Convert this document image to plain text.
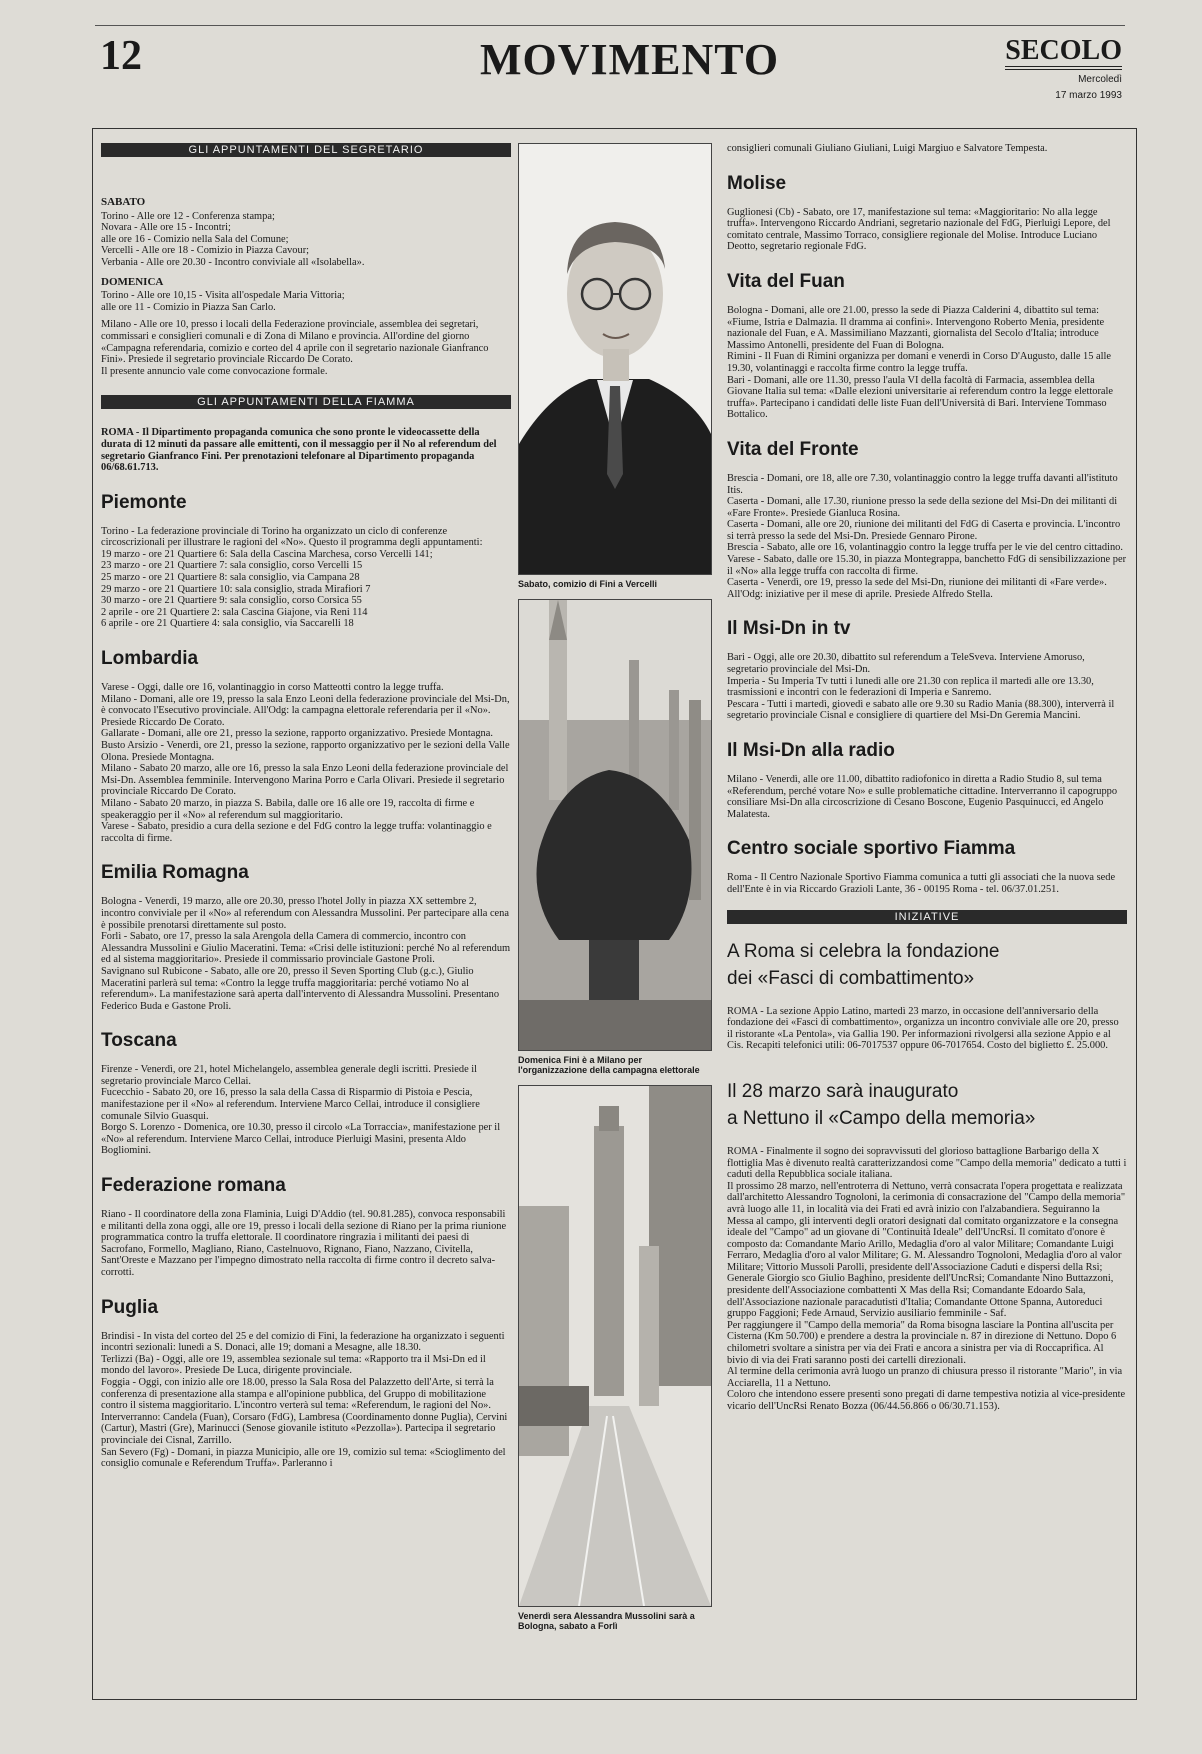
12	MOVIMENTO	SECOLO
Mercoledì
17 marzo 1993
GLI APPUNTAMENTI DEL SEGRETARIO
SABATO

Torino - Alle ore 12 - Conferenza stampa;

Novara - Alle ore 15 - Incontri;

alle ore 16 - Comizio nella Sala del Comune;

Vercelli - Alle ore 18 - Comizio in Piazza Cavour;

Verbania - Alle ore 20.30 - Incontro conviviale all «Isolabella».

DOMENICA

Torino - Alle ore 10,15 - Visita all'ospedale Maria Vittoria;

alle ore 11 - Comizio in Piazza San Carlo.

Milano - Alle ore 10, presso i locali della Federazione provinciale, assemblea dei segretari, commissari e consiglieri comunali e di Zona di Milano e provincia. All'ordine del giorno «Campagna referendaria, comizio e corteo del 4 aprile con il segretario nazionale Gianfranco Fini». Presiede il segretario provinciale Riccardo De Corato.

Il presente annuncio vale come convocazione formale.

GLI APPUNTAMENTI DELLA FIAMMA

ROMA - Il Dipartimento propaganda comunica che sono pronte le videocassette della durata di 12 minuti da passare alle emittenti, con il messaggio per il No al referendum del segretario Gianfranco Fini. Per prenotazioni telefonare al Dipartimento propaganda 06/68.61.713.

Piemonte

Torino - La federazione provinciale di Torino ha organizzato un ciclo di conferenze circoscrizionali per illustrare le ragioni del «No». Questo il programma degli appuntamenti:

19 marzo - ore 21 Quartiere 6: Sala della Cascina Marchesa, corso Vercelli 141;

23 marzo - ore 21 Quartiere 7: sala consiglio, corso Vercelli 15

25 marzo - ore 21 Quartiere 8: sala consiglio, via Campana 28

29 marzo - ore 21 Quartiere 10: sala consiglio, strada Mirafiori 7

30 marzo - ore 21 Quartiere 9: sala consiglio, corso Corsica 55

2 aprile - ore 21 Quartiere 2: sala Cascina Giajone, via Reni 114

6 aprile - ore 21 Quartiere 4: sala consiglio, via Saccarelli 18

Lombardia

Varese - Oggi, dalle ore 16, volantinaggio in corso Matteotti contro la legge truffa.

Milano - Domani, alle ore 19, presso la sala Enzo Leoni della federazione provinciale del Msi-Dn, è convocato l'Esecutivo provinciale. All'Odg: la campagna elettorale referendaria per il «No». Presiede Riccardo De Corato.

Gallarate - Domani, alle ore 21, presso la sezione, rapporto organizzativo. Presiede Montagna.

Busto Arsizio - Venerdì, ore 21, presso la sezione, rapporto organizzativo per le sezioni della Valle Olona. Presiede Montagna.

Milano - Sabato 20 marzo, alle ore 16, presso la sala Enzo Leoni della federazione provinciale del Msi-Dn. Assemblea femminile. Intervengono Marina Porro e Carla Olivari. Presiede il segretario provinciale Riccardo De Corato.

Milano - Sabato 20 marzo, in piazza S. Babila, dalle ore 16 alle ore 19, raccolta di firme e speakeraggio per il «No» al referendum sul maggioritario.

Varese - Sabato, presidio a cura della sezione e del FdG contro la legge truffa: volantinaggio e raccolta di firme.

Emilia Romagna

Bologna - Venerdì, 19 marzo, alle ore 20.30, presso l'hotel Jolly in piazza XX settembre 2, incontro conviviale per il «No» al referendum con Alessandra Mussolini. Per partecipare alla cena è possibile prenotarsi direttamente sul posto.

Forlì - Sabato, ore 17, presso la sala Arengola della Camera di commercio, incontro con Alessandra Mussolini e Giulio Maceratini. Tema: «Crisi delle istituzioni: perché No al referendum ed al sistema maggioritario». Presiede il commissario provinciale Gastone Proli.

Savignano sul Rubicone - Sabato, alle ore 20, presso il Seven Sporting Club (g.c.), Giulio Maceratini parlerà sul tema: «Contro la legge truffa maggioritaria: perché votiamo No al referendum». La manifestazione sarà aperta dall'intervento di Alessandra Mussolini. Presentano Federico Buda e Gastone Proli.

Toscana

Firenze - Venerdì, ore 21, hotel Michelangelo, assemblea generale degli iscritti. Presiede il segretario provinciale Marco Cellai.

Fucecchio - Sabato 20, ore 16, presso la sala della Cassa di Risparmio di Pistoia e Pescia, manifestazione per il «No» al referendum. Interviene Marco Cellai, introduce il consigliere comunale Silvio Guasqui.

Borgo S. Lorenzo - Domenica, ore 10.30, presso il circolo «La Torraccia», manifestazione per il «No» al referendum. Interviene Marco Cellai, introduce Pierluigi Masini, presenta Aldo Bogliomini.

Federazione romana

Riano - Il coordinatore della zona Flaminia, Luigi D'Addio (tel. 90.81.285), convoca responsabili e militanti della zona oggi, alle ore 19, presso i locali della sezione di Riano per la prima riunione programmatica contro la truffa elettorale. Il coordinatore ringrazia i militanti dei paesi di Sacrofano, Formello, Magliano, Riano, Castelnuovo, Rignano, Fiano, Nazzano, Civitella, Sant'Oreste e Mazzano per l'impegno dimostrato nella raccolta di firme contro il decreto salva-corrotti.

Puglia

Brindisi - In vista del corteo del 25 e del comizio di Fini, la federazione ha organizzato i seguenti incontri sezionali: lunedì a S. Donaci, alle 19; domani a Mesagne, alle 18.30.

Terlizzi (Ba) - Oggi, alle ore 19, assemblea sezionale sul tema: «Rapporto tra il Msi-Dn ed il mondo del lavoro». Presiede De Luca, dirigente provinciale.

Foggia - Oggi, con inizio alle ore 18.00, presso la Sala Rosa del Palazzetto dell'Arte, si terrà la conferenza di presentazione alla stampa e all'opinione pubblica, del Gruppo di mobilitazione contro il sistema maggioritario. L'incontro verterà sul tema: «Referendum, le ragioni del No». Interverranno: Candela (Fuan), Corsaro (FdG), Lambresa (Coordinamento donne Puglia), Cervini (Cartur), Mastri (Gre), Marinucci (Senose giovanile istituto «Pezzolla»). Partecipa il segretario provinciale dei Cisnal, Zarrillo.

San Severo (Fg) - Domani, in piazza Municipio, alle ore 19, comizio sul tema: «Scioglimento del consiglio comunale e Referendum Truffa». Parleranno i

Sabato, comizio di Fini a Vercelli
Domenica Fini è a Milano per l'organizzazione della campagna elettorale
Venerdì sera Alessandra Mussolini sarà a Bologna, sabato a Forlì

consiglieri comunali Giuliano Giuliani, Luigi Margiuo e Salvatore Tempesta.

Molise

Guglionesi (Cb) - Sabato, ore 17, manifestazione sul tema: «Maggioritario: No alla legge truffa». Intervengono Riccardo Andriani, segretario nazionale del FdG, Pierluigi Lepore, del comitato centrale, Massimo Torraco, consigliere regionale del Molise. Introduce Luciano Deotto, segretario regionale FdG.

Vita del Fuan

Bologna - Domani, alle ore 21.00, presso la sede di Piazza Calderini 4, dibattito sul tema: «Fiume, Istria e Dalmazia. Il dramma ai confini». Intervengono Roberto Menia, presidente nazionale del Fuan, e A. Massimiliano Mazzanti, giornalista del Secolo d'Italia; introduce Massimo Antonelli, presidente del Fuan di Bologna.

Rimini - Il Fuan di Rimini organizza per domani e venerdì in Corso D'Augusto, dalle 15 alle 19.30, volantinaggi e raccolta firme contro la legge truffa.

Bari - Domani, alle ore 11.30, presso l'aula VI della facoltà di Farmacia, assemblea della Giovane Italia sul tema: «Dalle elezioni universitarie ai referendum contro la legge elettorale truffa». Partecipano i candidati delle liste Fuan dell'Università di Bari. Interviene Tommaso Bottalico.

Vita del Fronte

Brescia - Domani, ore 18, alle ore 7.30, volantinaggio contro la legge truffa davanti all'istituto Itis.

Caserta - Domani, alle 17.30, riunione presso la sede della sezione del Msi-Dn dei militanti di «Fare Fronte». Presiede Gianluca Rosina.

Caserta - Domani, alle ore 20, riunione dei militanti del FdG di Caserta e provincia. L'incontro si terrà presso la sede del Msi-Dn. Presiede Gennaro Pirone.

Brescia - Sabato, alle ore 16, volantinaggio contro la legge truffa per le vie del centro cittadino.

Varese - Sabato, dalle ore 15.30, in piazza Montegrappa, banchetto FdG di sensibilizzazione per il «No» alla legge truffa con raccolta di firme.

Caserta - Venerdì, ore 19, presso la sede del Msi-Dn, riunione dei militanti di «Fare verde». All'Odg: iniziative per il mese di aprile. Presiede Alfredo Stella.

Il Msi-Dn in tv

Bari - Oggi, alle ore 20.30, dibattito sul referendum a TeleSveva. Interviene Amoruso, segretario provinciale del Msi-Dn.

Imperia - Su Imperia Tv tutti i lunedì alle ore 21.30 con replica il martedì alle ore 13.30, trasmissioni e incontri con le federazioni di Imperia e Sanremo.

Pescara - Tutti i martedì, giovedì e sabato alle ore 9.30 su Radio Mania (88.300), interverrà il segretario provinciale Cisnal e consigliere di quartiere del Msi-Dn Geremia Mancini.

Il Msi-Dn alla radio

Milano - Venerdì, alle ore 11.00, dibattito radiofonico in diretta a Radio Studio 8, sul tema «Referendum, perché votare No» e sulle problematiche cittadine. Interverranno il capogruppo consiliare Msi-Dn alla circoscrizione di Cesano Boscone, Eugenio Pasquinucci, ed Angelo Malatesta.

Centro sociale sportivo Fiamma

Roma - Il Centro Nazionale Sportivo Fiamma comunica a tutti gli associati che la nuova sede dell'Ente è in via Riccardo Grazioli Lante, 36 - 00195 Roma - tel. 06/37.01.251.

INIZIATIVE
A Roma si celebra la fondazione
dei «Fasci di combattimento»

ROMA - La sezione Appio Latino, martedì 23 marzo, in occasione dell'anniversario della fondazione dei «Fasci di combattimento», organizza un incontro conviviale alle ore 20, presso il ristorante «La Pentola», via Gallia 190. Per informazioni rivolgersi alla sezione Appio e al Cis. Recapiti telefonici utili: 06-7017537 oppure 06-7017654. Costo del biglietto £. 25.000.

Il 28 marzo sarà inaugurato
a Nettuno il «Campo della memoria»

ROMA - Finalmente il sogno dei sopravvissuti del glorioso battaglione Barbarigo della X flottiglia Mas è divenuto realtà caratterizzandosi come "Campo della memoria" dedicato a tutti i caduti della Repubblica sociale italiana.

Il prossimo 28 marzo, nell'entroterra di Nettuno, verrà consacrata l'opera progettata e realizzata dall'architetto Alessandro Tognoloni, la cerimonia di consacrazione del "Campo della memoria" avrà luogo alle 11, in località via dei Frati ed avrà inizio con l'alzabandiera. Seguiranno la Messa al campo, gli interventi degli oratori designati dal comitato organizzatore e la consegna ideale del "Campo" ad un giovane di "Continuità Ideale" dell'UncRsi. Il comitato d'onore è composto da: Comandante Mario Arillo, Medaglia d'oro al valor Militare; Comandante Luigi Ferraro, Medaglia d'oro al valor Militare; G. M. Alessandro Tognoloni, Medaglia d'oro al valor Militare; Vittorio Mussoli Parolli, presidente dell'Associazione Caduti e dispersi della Rsi; Generale Giorgio sco Giulio Baghino, presidente dell'UncRsi; Comandante Nino Buttazzoni, presidente dell'Associazione combattenti X Mas della Rsi; Comandante Edoardo Sala, dell'Associazione nazionale paracadutisti d'Italia; Comandante Ottone Spanna, Autoreduci gruppo Faggioni; Fede Arnaud, Servizio ausiliario femminile - Saf.

Per raggiungere il "Campo della memoria" da Roma bisogna lasciare la Pontina all'uscita per Cisterna (Km 50.700) e prendere a destra la provinciale n. 87 in direzione di Nettuno. Dopo 6 chilometri svoltare a sinistra per via dei Frati e ancora a sinistra per via di Roccaprifica. Al bivio di via dei Frati saranno posti dei cartelli direzionali.

Al termine della cerimonia avrà luogo un pranzo di chiusura presso il ristorante "Mario", in via Acciarella, 11 a Nettuno.

Coloro che intendono essere presenti sono pregati di darne tempestiva notizia al vice-presidente vicario dell'UncRsi Renato Bozza (06/44.56.866 o 06/30.71.153).
